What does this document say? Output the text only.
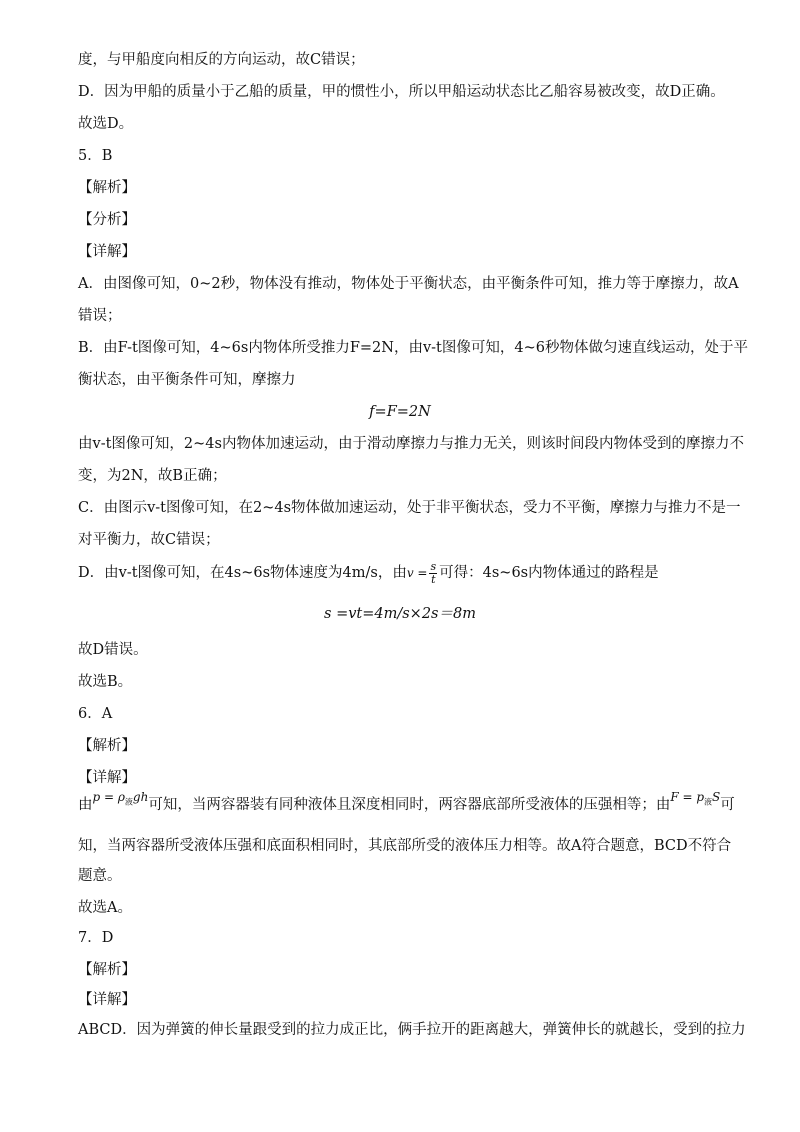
度，与甲船度向相反的方向运动，故C错误；
D．因为甲船的质量小于乙船的质量，甲的惯性小，所以甲船运动状态比乙船容易被改变，故D正确。
故选D。
5．B
【解析】
【分析】
【详解】
A．由图像可知，0~2秒，物体没有推动，物体处于平衡状态，由平衡条件可知，推力等于摩擦力，故A
错误；
B．由F-t图像可知，4~6s内物体所受推力F=2N，由v-t图像可知，4~6秒物体做匀速直线运动，处于平
衡状态，由平衡条件可知，摩擦力
f=F=2N
由v-t图像可知，2~4s内物体加速运动，由于滑动摩擦力与推力无关，则该时间段内物体受到的摩擦力不
变，为2N，故B正确；
C．由图示v-t图像可知，在2~4s物体做加速运动，处于非平衡状态，受力不平衡，摩擦力与推力不是一
对平衡力，故C错误；
D．由v-t图像可知，在4s~6s物体速度为4m/s，由$v = \frac{s}{t}$ 可得：4s~6s内物体通过的路程是
s =vt=4m/s×2s＝8m
故D错误。
故选B。
6．A
【解析】
【详解】
由$^{p = \rho_液gh}$可知，当两容器装有同种液体且深度相同时，两容器底部所受液体的压强相等；由$^{F = p_液S}$可
知，当两容器所受液体压强和底面积相同时，其底部所受的液体压力相等。故A符合题意，BCD不符合
题意。
故选A。
7．D
【解析】
【详解】
ABCD．因为弹簧的伸长量跟受到的拉力成正比，俩手拉开的距离越大，弹簧伸长的就越长，受到的拉力
